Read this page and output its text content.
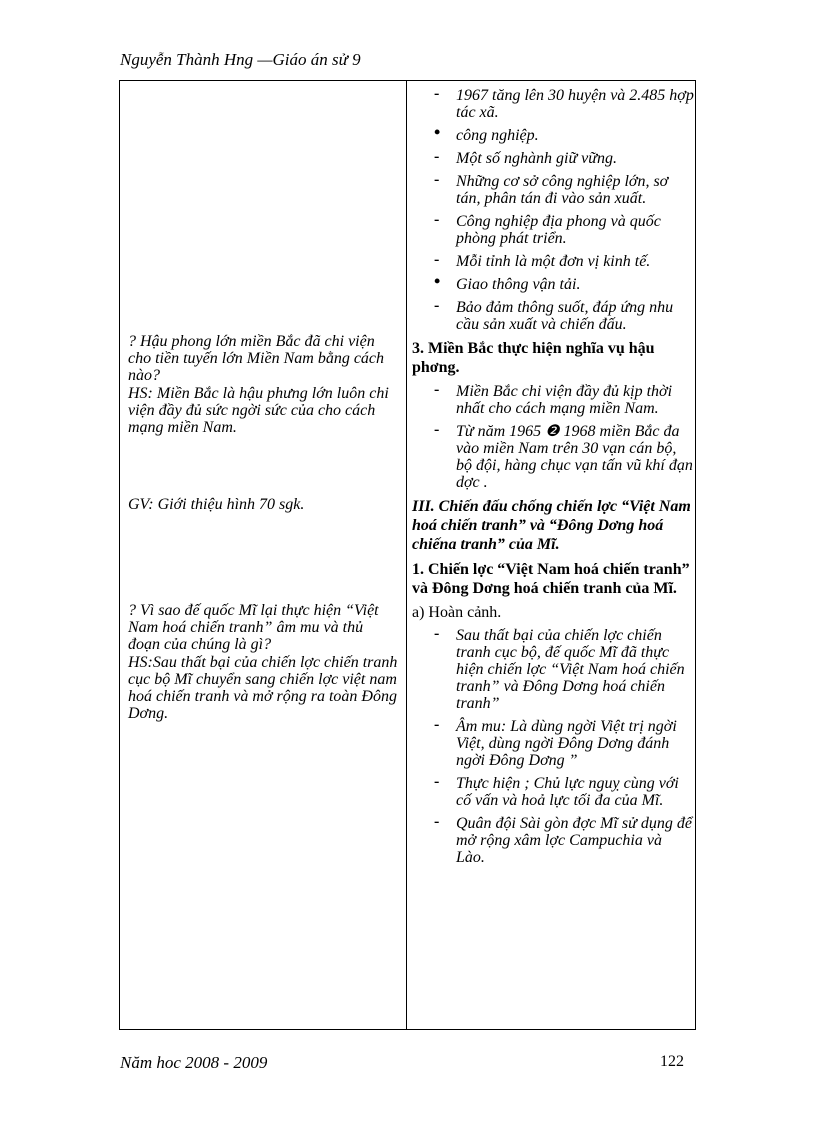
Nguyễn Thành Hng —Giáo án sử 9
? Hậu phong lớn miền Bắc đã chi viện cho tiền tuyến lớn Miền Nam bằng cách nào?
HS: Miền Bắc là hậu phưng lớn luôn chi viện đầy đủ sức ngời sức của cho cách mạng miền Nam.
GV: Giới thiệu hình 70 sgk.
? Vì sao đế quốc Mĩ lại thực hiện “Việt Nam hoá chiến tranh” âm mu và thủ đoạn của chúng là gì?
HS:Sau thất bại của chiến lợc chiến tranh cục bộ Mĩ chuyển sang chiến lợc việt nam hoá chiến tranh và mở rộng ra toàn Đông Dơng.
- 1967 tăng lên 30 huyện và 2.485 hợp tác xã.
• công nghiệp.
- Một số nghành giữ vững.
- Những cơ sở công nghiệp lớn, sơ tán, phân tán đi vào sản xuất.
- Công nghiệp địa phong và quốc phòng phát triển.
- Mỗi tỉnh là một đơn vị kinh tế.
• Giao thông vận tải.
- Bảo đảm thông suốt, đáp ứng nhu cầu sản xuất và chiến đấu.
3. Miền Bắc thực hiện nghĩa vụ hậu phơng.
- Miền Bắc chi viện đầy đủ kịp thời nhất cho cách mạng miền Nam.
- Từ năm 1965 ❷ 1968 miền Bắc đa vào miền Nam trên 30 vạn cán bộ, bộ đội, hàng chục vạn tấn vũ khí đạn dợc .
III. Chiến đấu chống chiến lợc “Việt Nam hoá chiến tranh” và “Đông Dơng hoá chiếna tranh” của Mĩ.
1. Chiến lợc “Việt Nam hoá chiến tranh” và Đông Dơng hoá chiến tranh của Mĩ.
a) Hoàn cảnh.
- Sau thất bại của chiến lợc chiến tranh cục bộ, đế quốc Mĩ đã thực hiện chiến lợc “Việt Nam hoá chiến tranh” và Đông Dơng hoá chiến tranh”
- Âm mu: Là dùng ngời Việt trị ngời Việt, dùng ngời Đông Dơng đánh ngời Đông Dơng ”
- Thực hiện ; Chủ lực nguỵ cùng với cố vấn và hoả lực tối đa của Mĩ.
- Quân đội Sài gòn đợc Mĩ sử dụng để mở rộng xâm lợc Campuchia và Lào.
Năm hoc 2008 - 2009	122
